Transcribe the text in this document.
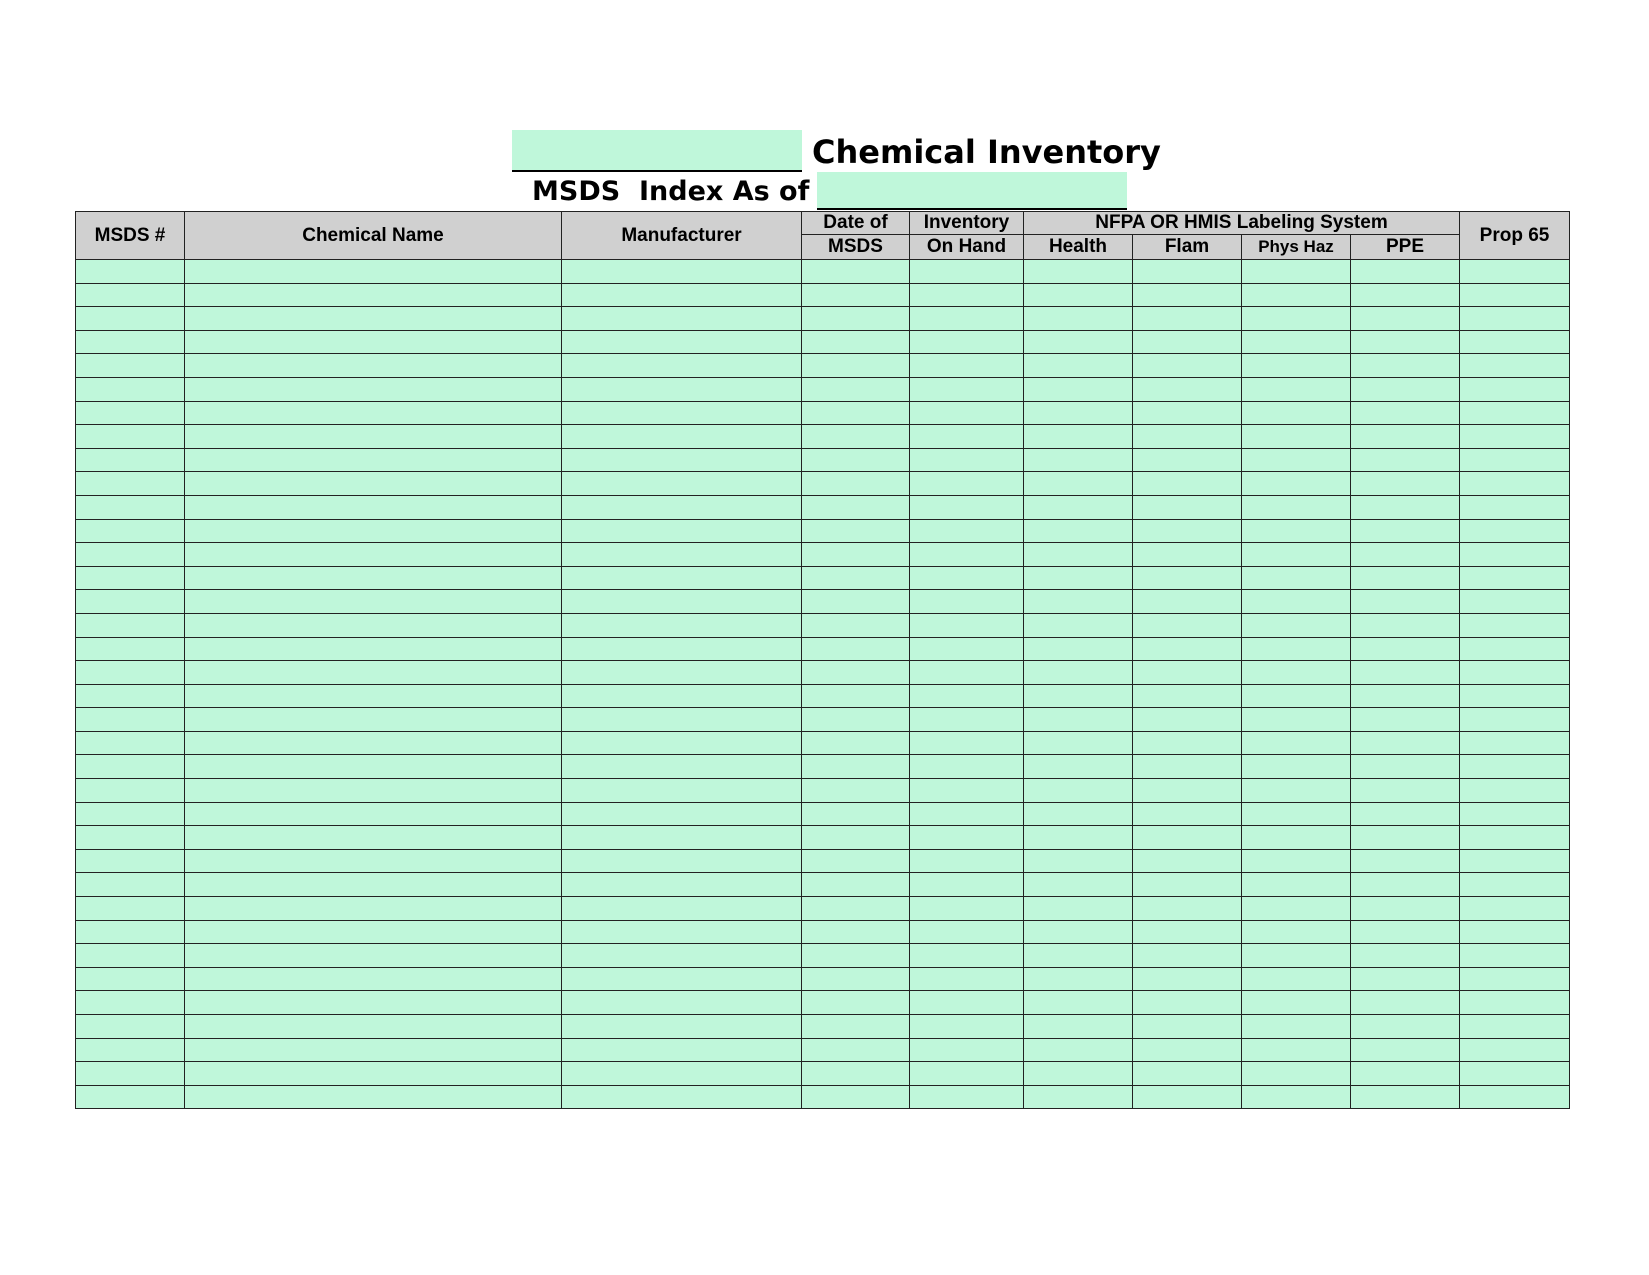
Chemical Inventory
MSDS  Index As of
MSDS #	Chemical Name	Manufacturer	Date of	Inventory	NFPA OR HMIS Labeling System				Prop 65
			MSDS	On Hand	Health	Flam	Phys Haz	PPE	
